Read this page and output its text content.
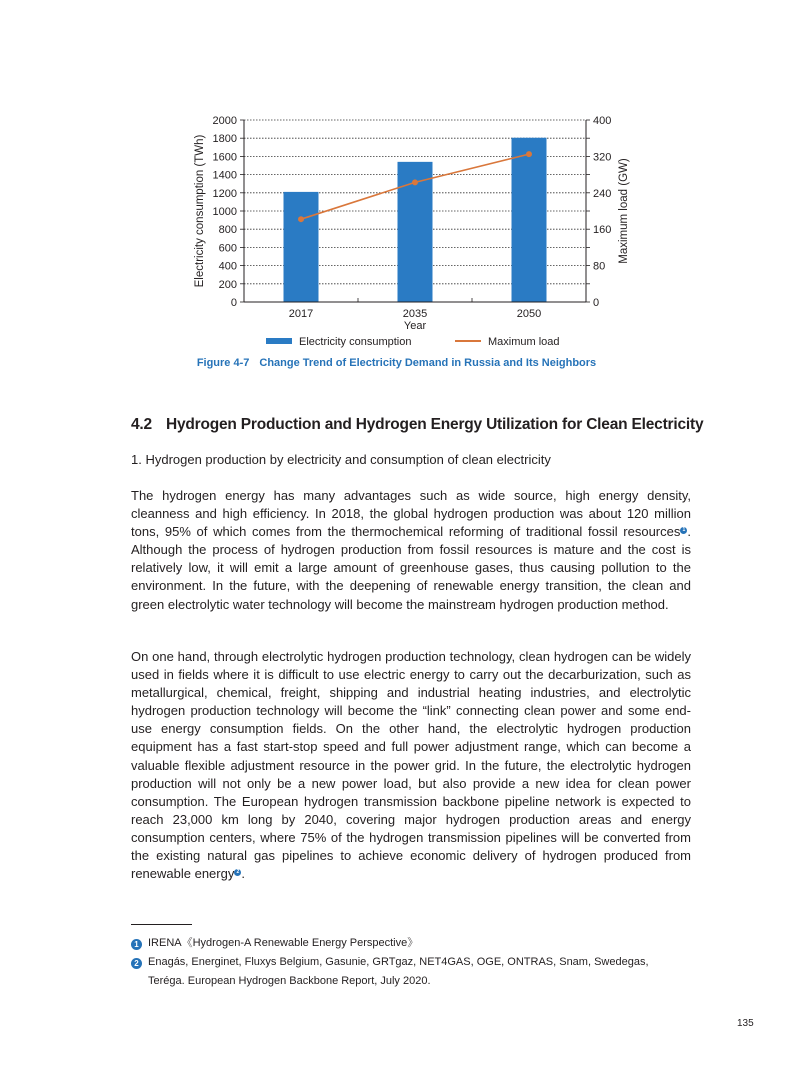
0
200
400
600
800
1000
1200
1400
1600
1800
2000
0
80
160
240
320
400
2017	2035	2050
Year
Electricity consumption (TWh)	Maximum load (GW)
Electricity consumption	Maximum load
Figure 4-7 Change Trend of Electricity Demand in Russia and Its Neighbors
4.2 Hydrogen Production and Hydrogen Energy Utilization for Clean Electricity
1. Hydrogen production by electricity and consumption of clean electricity
The hydrogen energy has many advantages such as wide source, high energy density, cleanness and high efficiency. In 2018, the global hydrogen production was about 120 million tons, 95% of which comes from the thermochemical reforming of traditional fossil resources 1 . Although the process of hydrogen production from fossil resources is mature and the cost is relatively low, it will emit a large amount of greenhouse gases, thus causing pollution to the environment. In the future, with the deepening of renewable energy transition, the clean and green electrolytic water technology will become the mainstream hydrogen production method.
On one hand, through electrolytic hydrogen production technology, clean hydrogen can be widely used in fields where it is difficult to use electric energy to carry out the decarburization, such as metallurgical, chemical, freight, shipping and industrial heating industries, and electrolytic hydrogen production technology will become the “link” connecting clean power and some end-use energy consumption fields. On the other hand, the electrolytic hydrogen production equipment has a fast start-stop speed and full power adjustment range, which can become a valuable flexible adjustment resource in the power grid. In the future, the electrolytic hydrogen production will not only be a new power load, but also provide a new idea for clean power consumption. The European hydrogen transmission backbone pipeline network is expected to reach 23,000 km long by 2040, covering major hydrogen production areas and energy consumption centers, where 75% of the hydrogen transmission pipelines will be converted from the existing natural gas pipelines to achieve economic delivery of hydrogen produced from renewable energy 2 .
1 IRENA《Hydrogen-A Renewable Energy Perspective》
2 Enagás, Energinet, Fluxys Belgium, Gasunie, GRTgaz, NET4GAS, OGE, ONTRAS, Snam, Swedegas,
Teréga. European Hydrogen Backbone Report, July 2020.
135
